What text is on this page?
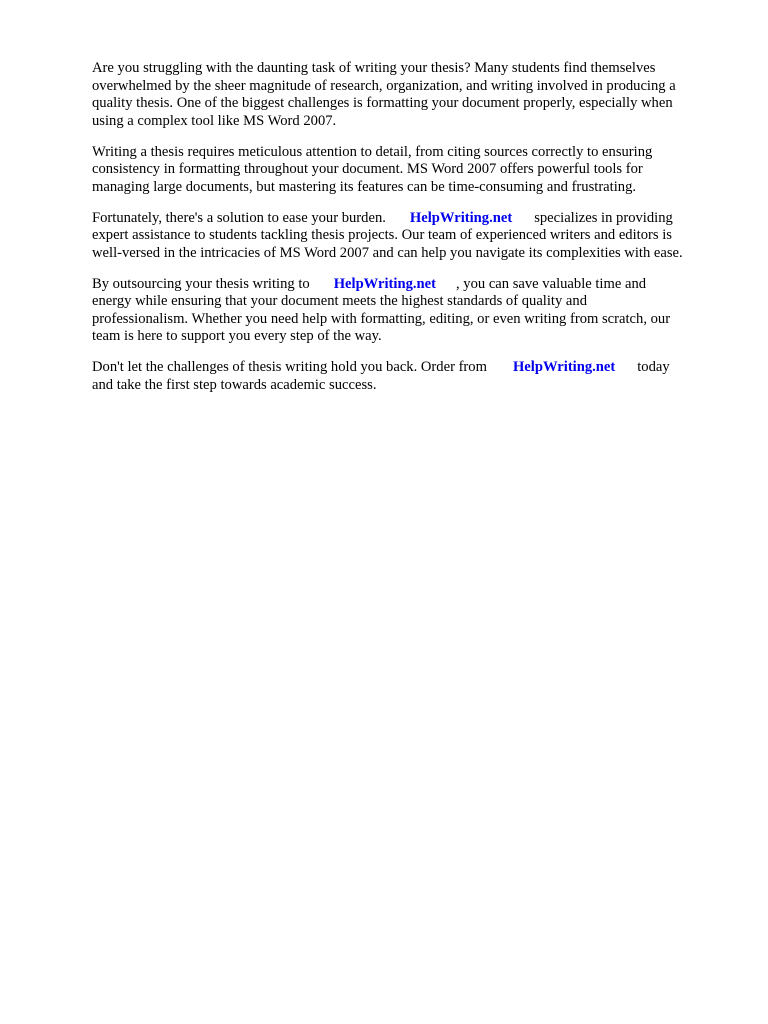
Are you struggling with the daunting task of writing your thesis? Many students find themselves
overwhelmed by the sheer magnitude of research, organization, and writing involved in producing a
quality thesis. One of the biggest challenges is formatting your document properly, especially when
using a complex tool like MS Word 2007.
Writing a thesis requires meticulous attention to detail, from citing sources correctly to ensuring
consistency in formatting throughout your document. MS Word 2007 offers powerful tools for
managing large documents, but mastering its features can be time-consuming and frustrating.
Fortunately, there's a solution to ease your burden. HelpWriting.net specializes in providing
expert assistance to students tackling thesis projects. Our team of experienced writers and editors is
well-versed in the intricacies of MS Word 2007 and can help you navigate its complexities with ease.
By outsourcing your thesis writing to HelpWriting.net , you can save valuable time and
energy while ensuring that your document meets the highest standards of quality and
professionalism. Whether you need help with formatting, editing, or even writing from scratch, our
team is here to support you every step of the way.
Don't let the challenges of thesis writing hold you back. Order from HelpWriting.net today
and take the first step towards academic success.
